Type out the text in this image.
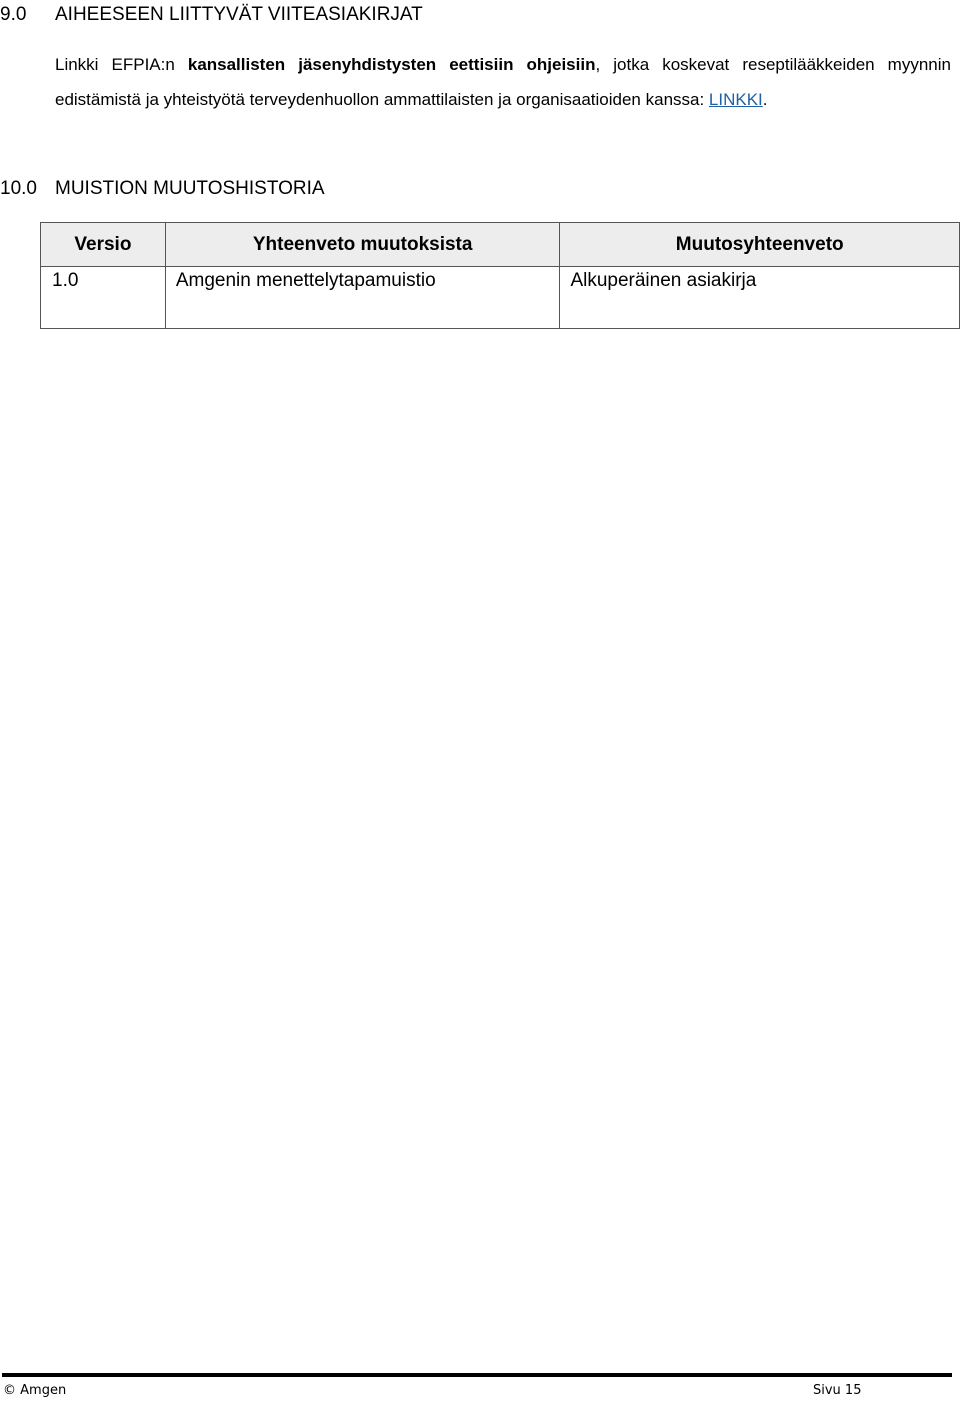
9.0 AIHEESEEN LIITTYVÄT VIITEASIAKIRJAT

Linkki EFPIA:n kansallisten jäsenyhdistysten eettisiin ohjeisiin, jotka koskevat reseptilääkkeiden myynnin edistämistä ja yhteistyötä terveydenhuollon ammattilaisten ja organisaatioiden kanssa: LINKKI.

10.0 MUISTION MUUTOSHISTORIA
Versio	Yhteenveto muutoksista	Muutosyhteenveto
1.0	Amgenin menettelytapamuistio	Alkuperäinen asiakirja
© Amgen	Sivu 15
